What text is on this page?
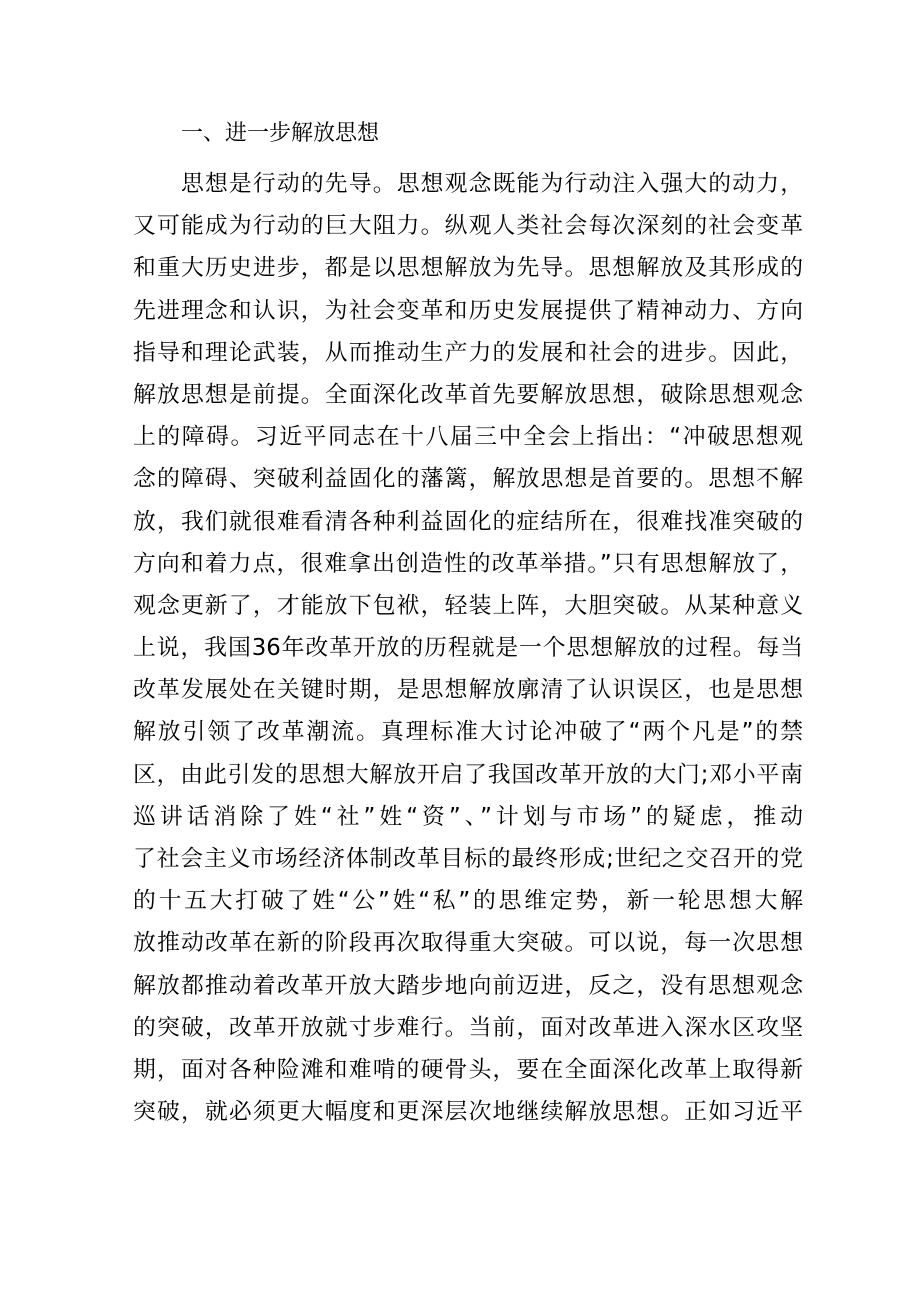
一、进一步解放思想
思想是行动的先导。思想观念既能为行动注入强大的动力，
又可能成为行动的巨大阻力。纵观人类社会每次深刻的社会变革
和重大历史进步，都是以思想解放为先导。思想解放及其形成的
先进理念和认识，为社会变革和历史发展提供了精神动力、方向
指导和理论武装，从而推动生产力的发展和社会的进步。因此，
解放思想是前提。全面深化改革首先要解放思想，破除思想观念
上的障碍。习近平同志在十八届三中全会上指出：“冲破思想观
念的障碍、突破利益固化的藩篱，解放思想是首要的。思想不解
放，我们就很难看清各种利益固化的症结所在，很难找准突破的
方向和着力点，很难拿出创造性的改革举措。”只有思想解放了，
观念更新了，才能放下包袱，轻装上阵，大胆突破。从某种意义
上说，我国36年改革开放的历程就是一个思想解放的过程。每当
改革发展处在关键时期，是思想解放廓清了认识误区，也是思想
解放引领了改革潮流。真理标准大讨论冲破了“两个凡是”的禁
区，由此引发的思想大解放开启了我国改革开放的大门;邓小平南
巡讲话消除了姓“社”姓“资”、”计划与市场”的疑虑，推动
了社会主义市场经济体制改革目标的最终形成;世纪之交召开的党
的十五大打破了姓“公”姓“私”的思维定势，新一轮思想大解
放推动改革在新的阶段再次取得重大突破。可以说，每一次思想
解放都推动着改革开放大踏步地向前迈进，反之，没有思想观念
的突破，改革开放就寸步难行。当前，面对改革进入深水区攻坚
期，面对各种险滩和难啃的硬骨头，要在全面深化改革上取得新
突破，就必须更大幅度和更深层次地继续解放思想。正如习近平
